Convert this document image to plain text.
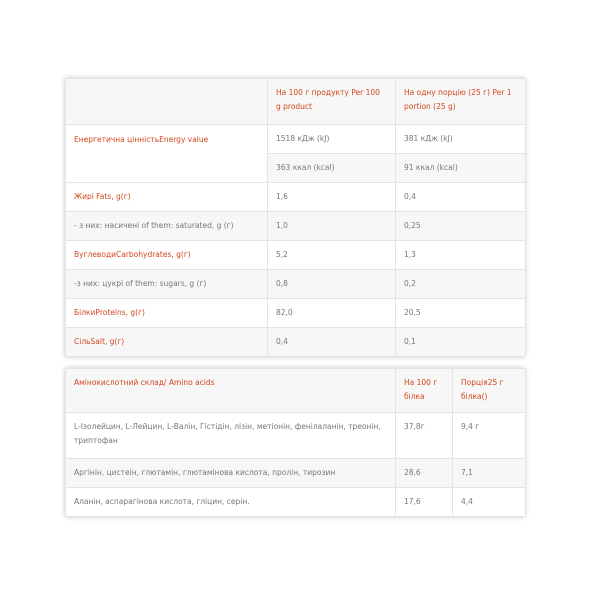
	На 100 г продукту Per 100 g product	На одну порцію (25 г) Per 1 portion (25 g)
Енергетична цінністьEnergy value	1518 кДж (kJ)	381 кДж (kJ)
	363 ккал (kcal)	91 ккал (kcal)
Жирі Fats, g(г)	1,6	0,4
- з них: насичені of them: saturated, g (г)	1,0	0,25
ВуглеводиCarbohydrates, g(г)	5,2	1,3
-з них: цукрі of them: sugars, g (г)	0,8	0,2
БілкиProteins, g(г)	82,0	20,5
СільSalt, g(г)	0,4	0,1
Амінокислотний склад/ Amino acids	На 100 г білка	Порція25 г білка()
L-Ізолейцин, L-Лейцин, L-Валін, Гістідін, лізін, метіонін, фенілаланін, треонін, триптофан	37,8г	9,4 г
Аргінін, цистеін, глютамін, глютамінова кислота, пролін, тирозин	28,6	7,1
Аланін, аспарагінова кислота, гліцин, серін.	17,6	4,4
